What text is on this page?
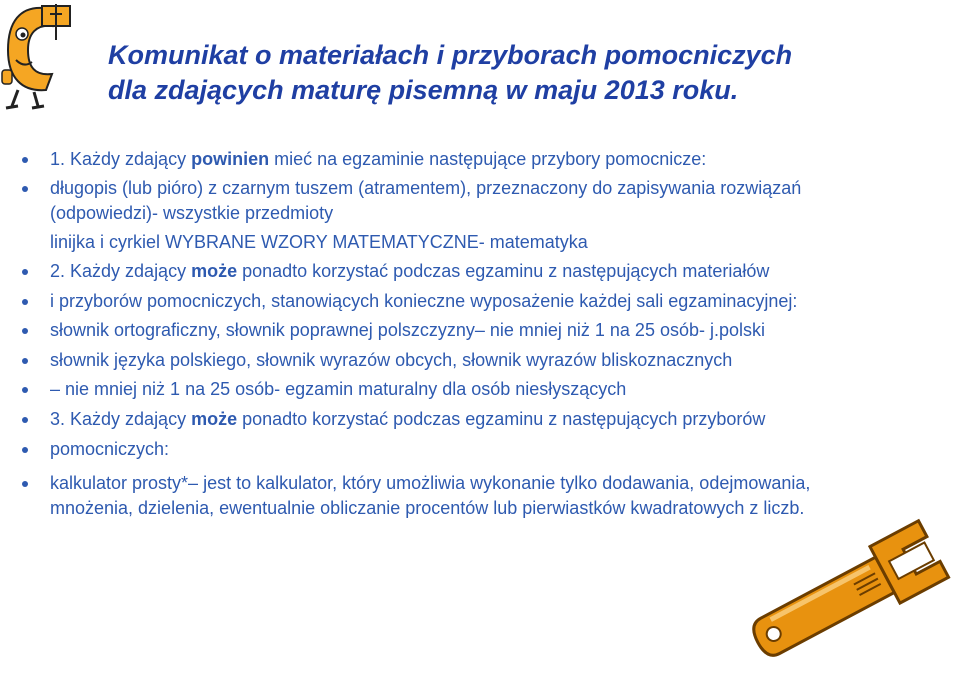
Komunikat o materiałach i przyborach pomocniczych
dla zdających maturę pisemną w maju 2013 roku.

1. Każdy zdający powinien mieć na egzaminie następujące przybory pomocnicze:

długopis (lub pióro) z czarnym tuszem (atramentem), przeznaczony do zapisywania rozwiązań

(odpowiedzi)- wszystkie przedmioty

linijka i cyrkiel WYBRANE WZORY MATEMATYCZNE- matematyka

2. Każdy zdający może ponadto korzystać podczas egzaminu z następujących materiałów

i przyborów pomocniczych, stanowiących konieczne wyposażenie każdej sali egzaminacyjnej:

słownik ortograficzny, słownik poprawnej polszczyzny– nie mniej niż 1 na 25 osób- j.polski

słownik języka polskiego, słownik wyrazów obcych, słownik wyrazów bliskoznacznych

– nie mniej niż 1 na 25 osób- egzamin maturalny dla osób niesłyszących

3. Każdy zdający może ponadto korzystać podczas egzaminu z następujących przyborów

pomocniczych:

kalkulator prosty*– jest to kalkulator, który umożliwia wykonanie tylko dodawania, odejmowania,

mnożenia, dzielenia, ewentualnie obliczanie procentów lub pierwiastków kwadratowych z liczb.
